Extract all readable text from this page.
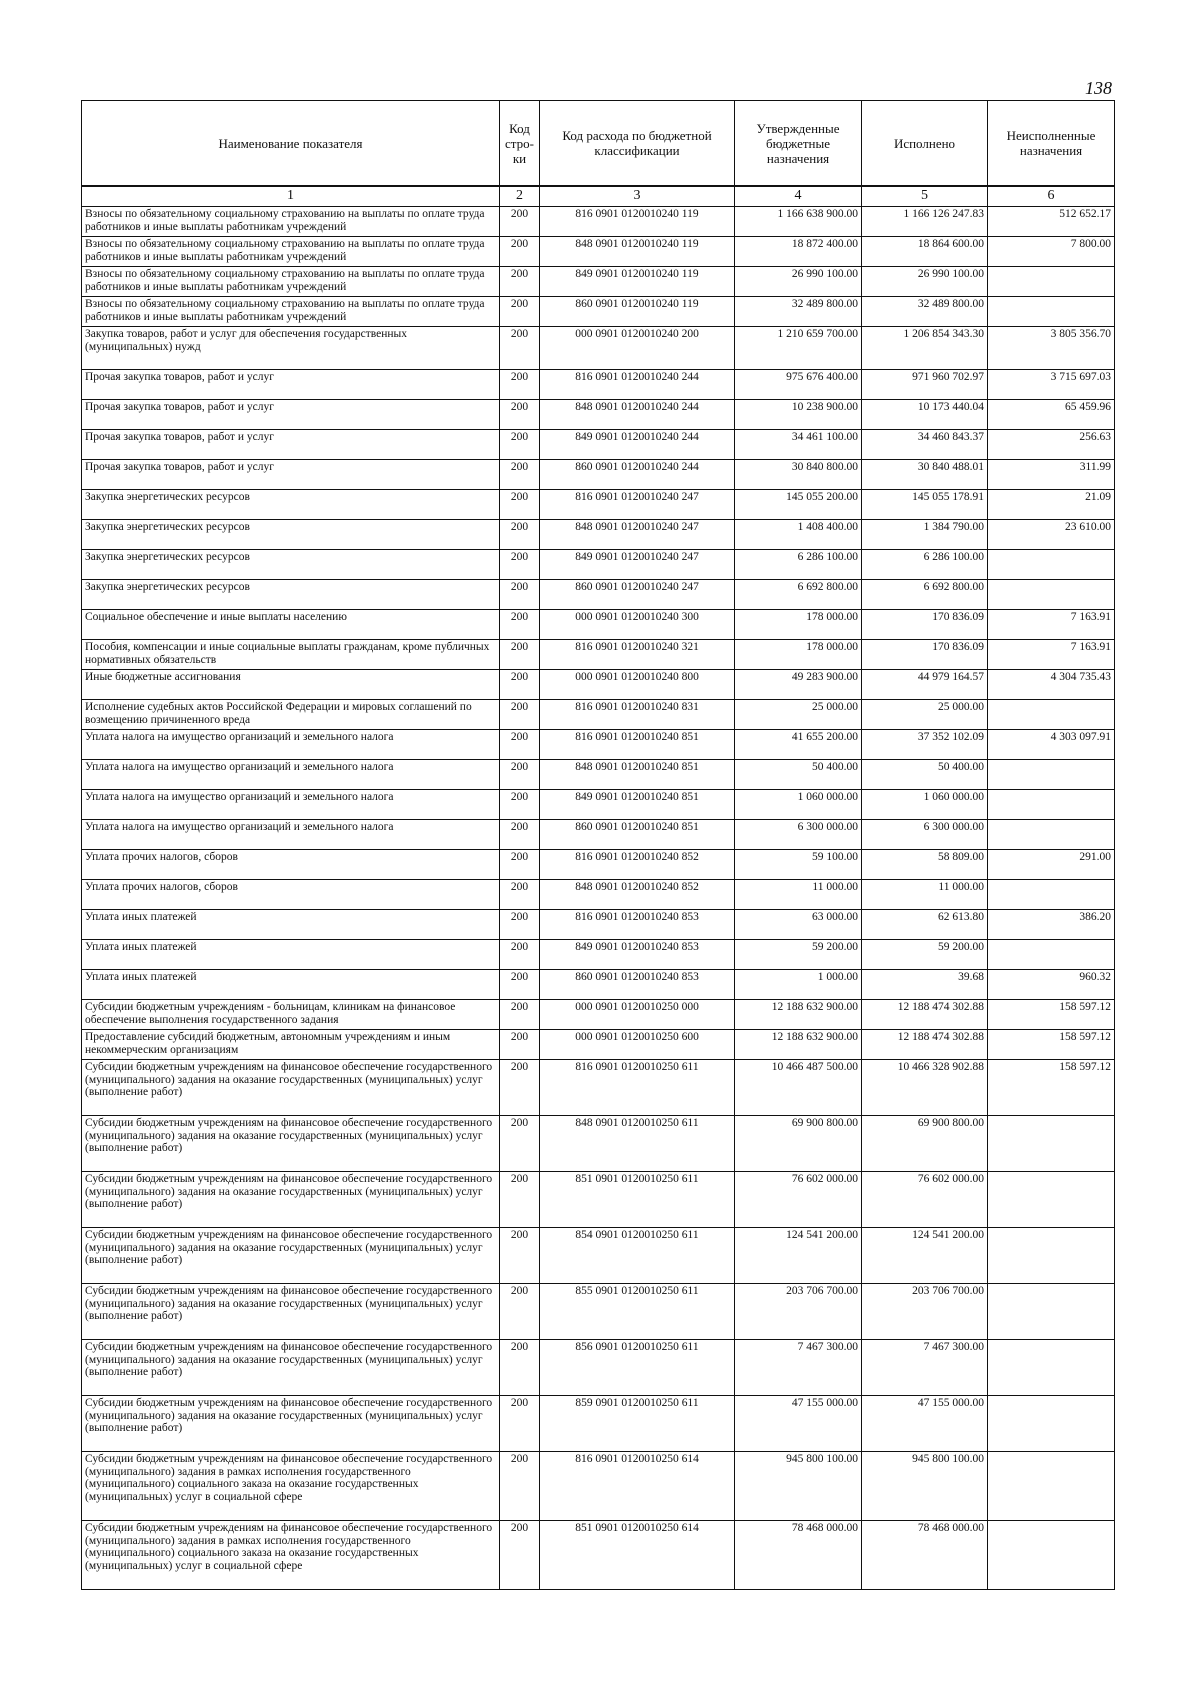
138
Наименование показателя	Код стро-ки	Код расхода по бюджетной классификации	Утвержденные бюджетные назначения	Исполнено	Неисполненные назначения
1	2	3	4	5	6
Взносы по обязательному социальному страхованию на выплаты по оплате труда работников и иные выплаты работникам учреждений	200	816 0901 0120010240 119	1 166 638 900.00	1 166 126 247.83	512 652.17
Взносы по обязательному социальному страхованию на выплаты по оплате труда работников и иные выплаты работникам учреждений	200	848 0901 0120010240 119	18 872 400.00	18 864 600.00	7 800.00
Взносы по обязательному социальному страхованию на выплаты по оплате труда работников и иные выплаты работникам учреждений	200	849 0901 0120010240 119	26 990 100.00	26 990 100.00	
Взносы по обязательному социальному страхованию на выплаты по оплате труда работников и иные выплаты работникам учреждений	200	860 0901 0120010240 119	32 489 800.00	32 489 800.00	
Закупка товаров, работ и услуг для обеспечения государственных (муниципальных) нужд	200	000 0901 0120010240 200	1 210 659 700.00	1 206 854 343.30	3 805 356.70
Прочая закупка товаров, работ и услуг	200	816 0901 0120010240 244	975 676 400.00	971 960 702.97	3 715 697.03
Прочая закупка товаров, работ и услуг	200	848 0901 0120010240 244	10 238 900.00	10 173 440.04	65 459.96
Прочая закупка товаров, работ и услуг	200	849 0901 0120010240 244	34 461 100.00	34 460 843.37	256.63
Прочая закупка товаров, работ и услуг	200	860 0901 0120010240 244	30 840 800.00	30 840 488.01	311.99
Закупка энергетических ресурсов	200	816 0901 0120010240 247	145 055 200.00	145 055 178.91	21.09
Закупка энергетических ресурсов	200	848 0901 0120010240 247	1 408 400.00	1 384 790.00	23 610.00
Закупка энергетических ресурсов	200	849 0901 0120010240 247	6 286 100.00	6 286 100.00	
Закупка энергетических ресурсов	200	860 0901 0120010240 247	6 692 800.00	6 692 800.00	
Социальное обеспечение и иные выплаты населению	200	000 0901 0120010240 300	178 000.00	170 836.09	7 163.91
Пособия, компенсации и иные социальные выплаты гражданам, кроме публичных нормативных обязательств	200	816 0901 0120010240 321	178 000.00	170 836.09	7 163.91
Иные бюджетные ассигнования	200	000 0901 0120010240 800	49 283 900.00	44 979 164.57	4 304 735.43
Исполнение судебных актов Российской Федерации и мировых соглашений по возмещению причиненного вреда	200	816 0901 0120010240 831	25 000.00	25 000.00	
Уплата налога на имущество организаций и земельного налога	200	816 0901 0120010240 851	41 655 200.00	37 352 102.09	4 303 097.91
Уплата налога на имущество организаций и земельного налога	200	848 0901 0120010240 851	50 400.00	50 400.00	
Уплата налога на имущество организаций и земельного налога	200	849 0901 0120010240 851	1 060 000.00	1 060 000.00	
Уплата налога на имущество организаций и земельного налога	200	860 0901 0120010240 851	6 300 000.00	6 300 000.00	
Уплата прочих налогов, сборов	200	816 0901 0120010240 852	59 100.00	58 809.00	291.00
Уплата прочих налогов, сборов	200	848 0901 0120010240 852	11 000.00	11 000.00	
Уплата иных платежей	200	816 0901 0120010240 853	63 000.00	62 613.80	386.20
Уплата иных платежей	200	849 0901 0120010240 853	59 200.00	59 200.00	
Уплата иных платежей	200	860 0901 0120010240 853	1 000.00	39.68	960.32
Субсидии бюджетным учреждениям - больницам, клиникам на финансовое обеспечение выполнения государственного задания	200	000 0901 0120010250 000	12 188 632 900.00	12 188 474 302.88	158 597.12
Предоставление субсидий бюджетным, автономным учреждениям и иным некоммерческим организациям	200	000 0901 0120010250 600	12 188 632 900.00	12 188 474 302.88	158 597.12
Субсидии бюджетным учреждениям на финансовое обеспечение государственного (муниципального) задания на оказание государственных (муниципальных) услуг (выполнение работ)	200	816 0901 0120010250 611	10 466 487 500.00	10 466 328 902.88	158 597.12
Субсидии бюджетным учреждениям на финансовое обеспечение государственного (муниципального) задания на оказание государственных (муниципальных) услуг (выполнение работ)	200	848 0901 0120010250 611	69 900 800.00	69 900 800.00	
Субсидии бюджетным учреждениям на финансовое обеспечение государственного (муниципального) задания на оказание государственных (муниципальных) услуг (выполнение работ)	200	851 0901 0120010250 611	76 602 000.00	76 602 000.00	
Субсидии бюджетным учреждениям на финансовое обеспечение государственного (муниципального) задания на оказание государственных (муниципальных) услуг (выполнение работ)	200	854 0901 0120010250 611	124 541 200.00	124 541 200.00	
Субсидии бюджетным учреждениям на финансовое обеспечение государственного (муниципального) задания на оказание государственных (муниципальных) услуг (выполнение работ)	200	855 0901 0120010250 611	203 706 700.00	203 706 700.00	
Субсидии бюджетным учреждениям на финансовое обеспечение государственного (муниципального) задания на оказание государственных (муниципальных) услуг (выполнение работ)	200	856 0901 0120010250 611	7 467 300.00	7 467 300.00	
Субсидии бюджетным учреждениям на финансовое обеспечение государственного (муниципального) задания на оказание государственных (муниципальных) услуг (выполнение работ)	200	859 0901 0120010250 611	47 155 000.00	47 155 000.00	
Субсидии бюджетным учреждениям на финансовое обеспечение государственного (муниципального) задания в рамках исполнения государственного (муниципального) социального заказа на оказание государственных (муниципальных) услуг в социальной сфере	200	816 0901 0120010250 614	945 800 100.00	945 800 100.00	
Субсидии бюджетным учреждениям на финансовое обеспечение государственного (муниципального) задания в рамках исполнения государственного (муниципального) социального заказа на оказание государственных (муниципальных) услуг в социальной сфере	200	851 0901 0120010250 614	78 468 000.00	78 468 000.00	
